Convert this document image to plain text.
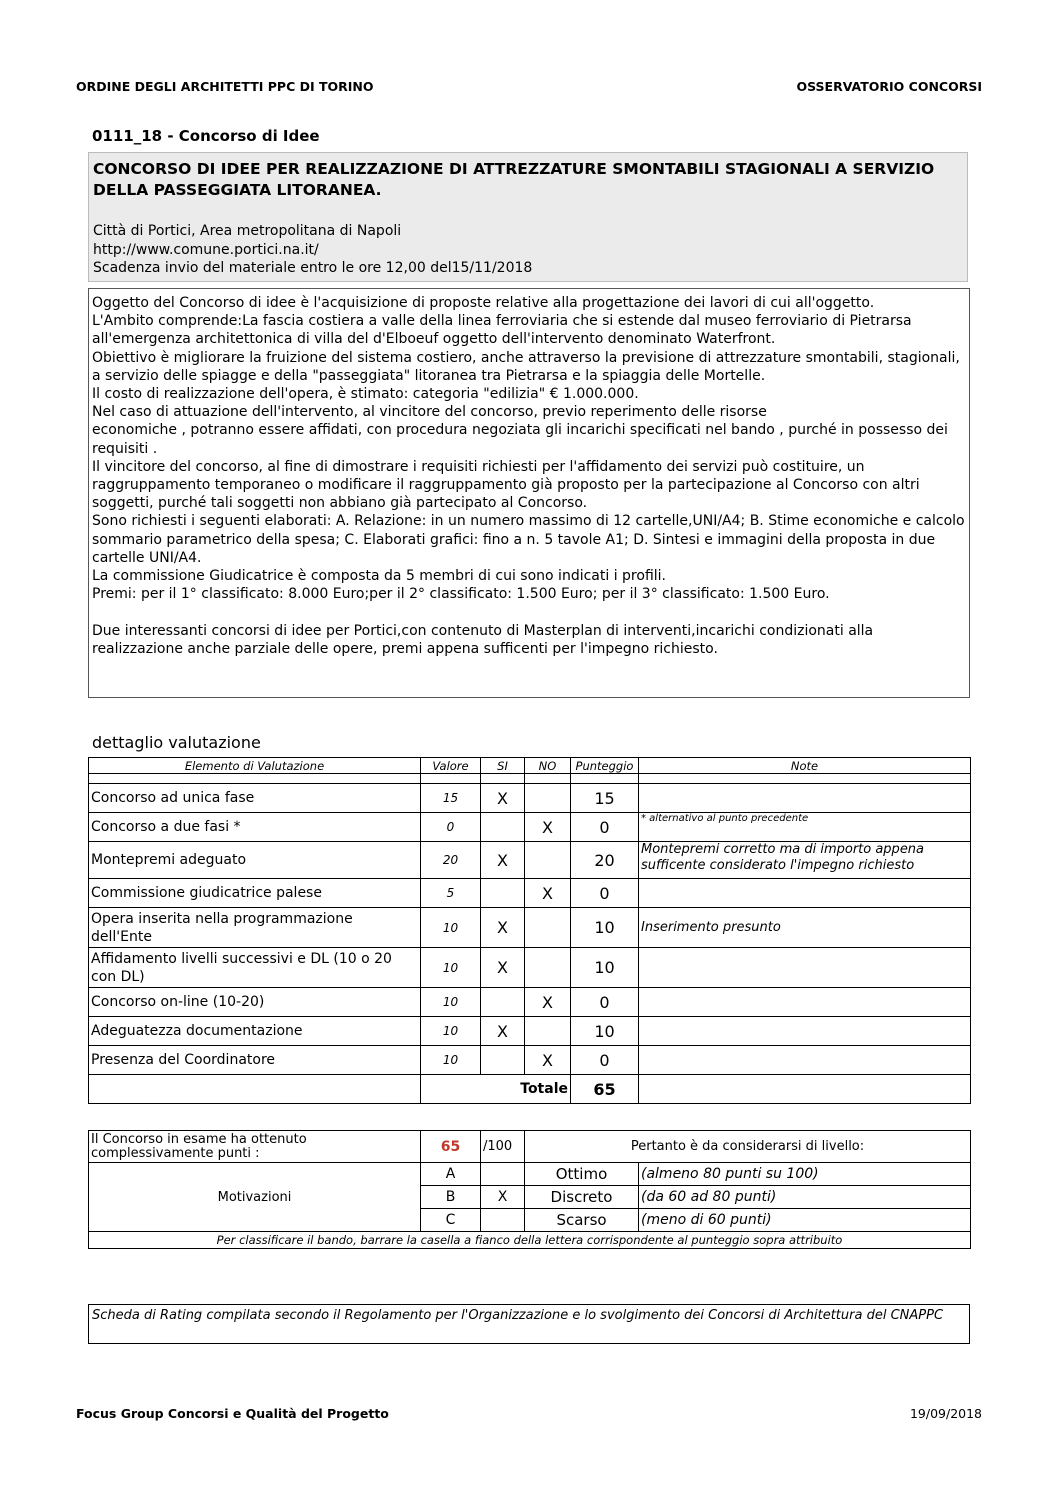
ORDINE DEGLI ARCHITETTI PPC DI TORINO	OSSERVATORIO CONCORSI
0111_18 - Concorso di Idee
CONCORSO DI IDEE PER REALIZZAZIONE DI ATTREZZATURE SMONTABILI STAGIONALI A SERVIZIO DELLA PASSEGGIATA LITORANEA.
Città di Portici, Area metropolitana di Napoli
http://www.comune.portici.na.it/
Scadenza invio del materiale entro le ore 12,00 del15/11/2018
Oggetto del Concorso di idee è l'acquisizione di proposte relative alla progettazione dei lavori di cui all'oggetto.
L'Ambito comprende:La fascia costiera a valle della linea ferroviaria che si estende dal museo ferroviario di Pietrarsa all'emergenza architettonica di villa del d'Elboeuf oggetto dell'intervento denominato Waterfront.
Obiettivo è migliorare la fruizione del sistema costiero, anche attraverso la previsione di attrezzature smontabili, stagionali, a servizio delle spiagge e della "passeggiata" litoranea tra Pietrarsa e la spiaggia delle Mortelle.
Il costo di realizzazione dell'opera, è stimato: categoria "edilizia" € 1.000.000.
Nel caso di attuazione dell'intervento, al vincitore del concorso, previo reperimento delle risorse
economiche , potranno essere affidati, con procedura negoziata gli incarichi specificati nel bando , purché in possesso dei requisiti .
Il vincitore del concorso, al fine di dimostrare i requisiti richiesti per l'affidamento dei servizi può costituire, un raggruppamento temporaneo o modificare il raggruppamento già proposto per la partecipazione al Concorso con altri soggetti, purché tali soggetti non abbiano già partecipato al Concorso.
Sono richiesti i seguenti elaborati: A. Relazione: in un numero massimo di 12 cartelle,UNI/A4; B. Stime economiche e calcolo sommario parametrico della spesa; C. Elaborati grafici: fino a n. 5 tavole A1; D. Sintesi e immagini della proposta in due cartelle UNI/A4.
La commissione Giudicatrice è composta da 5 membri di cui sono indicati i profili.
Premi: per il 1° classificato: 8.000 Euro;per il 2° classificato: 1.500 Euro; per il 3° classificato: 1.500 Euro.

Due interessanti concorsi di idee per Portici,con contenuto di Masterplan di interventi,incarichi condizionati alla realizzazione anche parziale delle opere, premi appena sufficenti per l'impegno richiesto.
dettaglio valutazione
Elemento di Valutazione	Valore	SI	NO	Punteggio	Note

Concorso ad unica fase	15	X		15	
Concorso a due fasi *	0		X	0	* alternativo al punto precedente
Montepremi adeguato	20	X		20	Montepremi corretto ma di importo appena sufficente considerato l'impegno richiesto
Commissione giudicatrice palese	5		X	0	
Opera inserita nella programmazione dell'Ente	10	X		10	Inserimento presunto
Affidamento livelli successivi e DL (10 o 20 con DL)	10	X		10	
Concorso on-line (10-20)	10		X	0	
Adeguatezza documentazione	10	X		10	
Presenza del Coordinatore	10		X	0	
	Totale			65	
Il Concorso in esame ha ottenuto complessivamente punti :	65	/100	Pertanto è da considerarsi di livello:	
Motivazioni	A		Ottimo	(almeno 80 punti su 100)
	B	X	Discreto	(da 60 ad 80 punti)
	C		Scarso	(meno di 60 punti)
Per classificare il bando, barrare la casella a fianco della lettera corrispondente al punteggio sopra attribuito				
Scheda di Rating compilata secondo il Regolamento per l'Organizzazione e lo svolgimento dei Concorsi di Architettura del CNAPPC
Focus Group Concorsi e Qualità del Progetto	19/09/2018
